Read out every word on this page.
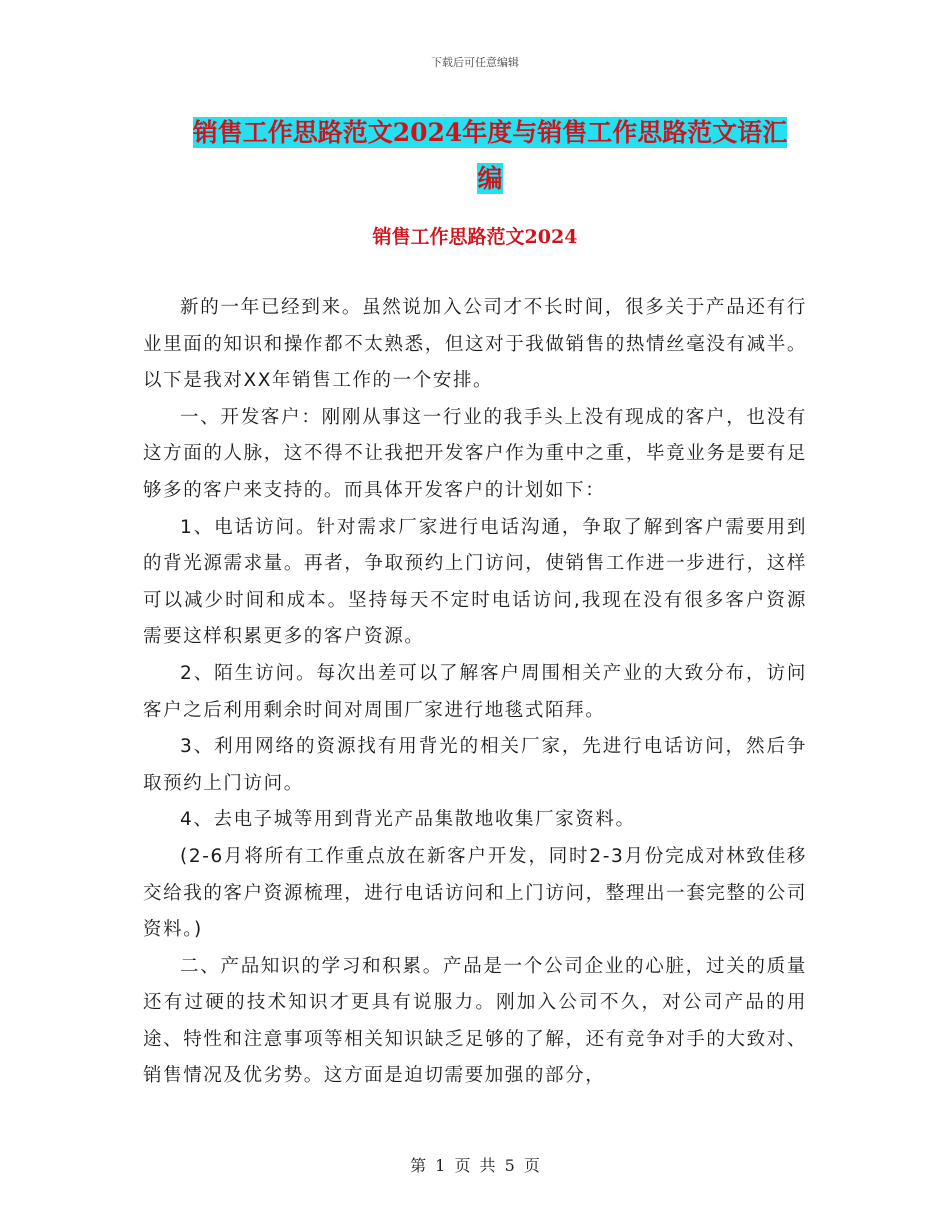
下载后可任意编辑
销售工作思路范文2024年度与销售工作思路范文语汇
编
销售工作思路范文2024

新的一年已经到来。虽然说加入公司才不长时间，很多关于产品还有行业里面的知识和操作都不太熟悉，但这对于我做销售的热情丝毫没有减半。以下是我对XX年销售工作的一个安排。

一、开发客户：刚刚从事这一行业的我手头上没有现成的客户，也没有这方面的人脉，这不得不让我把开发客户作为重中之重，毕竟业务是要有足够多的客户来支持的。而具体开发客户的计划如下：

1、电话访问。针对需求厂家进行电话沟通，争取了解到客户需要用到的背光源需求量。再者，争取预约上门访问，使销售工作进一步进行，这样可以减少时间和成本。坚持每天不定时电话访问,我现在没有很多客户资源需要这样积累更多的客户资源。

2、陌生访问。每次出差可以了解客户周围相关产业的大致分布，访问客户之后利用剩余时间对周围厂家进行地毯式陌拜。

3、利用网络的资源找有用背光的相关厂家，先进行电话访问，然后争取预约上门访问。

4、去电子城等用到背光产品集散地收集厂家资料。

(2-6月将所有工作重点放在新客户开发，同时2-3月份完成对林致佳移交给我的客户资源梳理，进行电话访问和上门访问，整理出一套完整的公司资料。)

二、产品知识的学习和积累。产品是一个公司企业的心脏，过关的质量还有过硬的技术知识才更具有说服力。刚加入公司不久，对公司产品的用途、特性和注意事项等相关知识缺乏足够的了解，还有竞争对手的大致对、销售情况及优劣势。这方面是迫切需要加强的部分，

第 1 页 共 5 页
